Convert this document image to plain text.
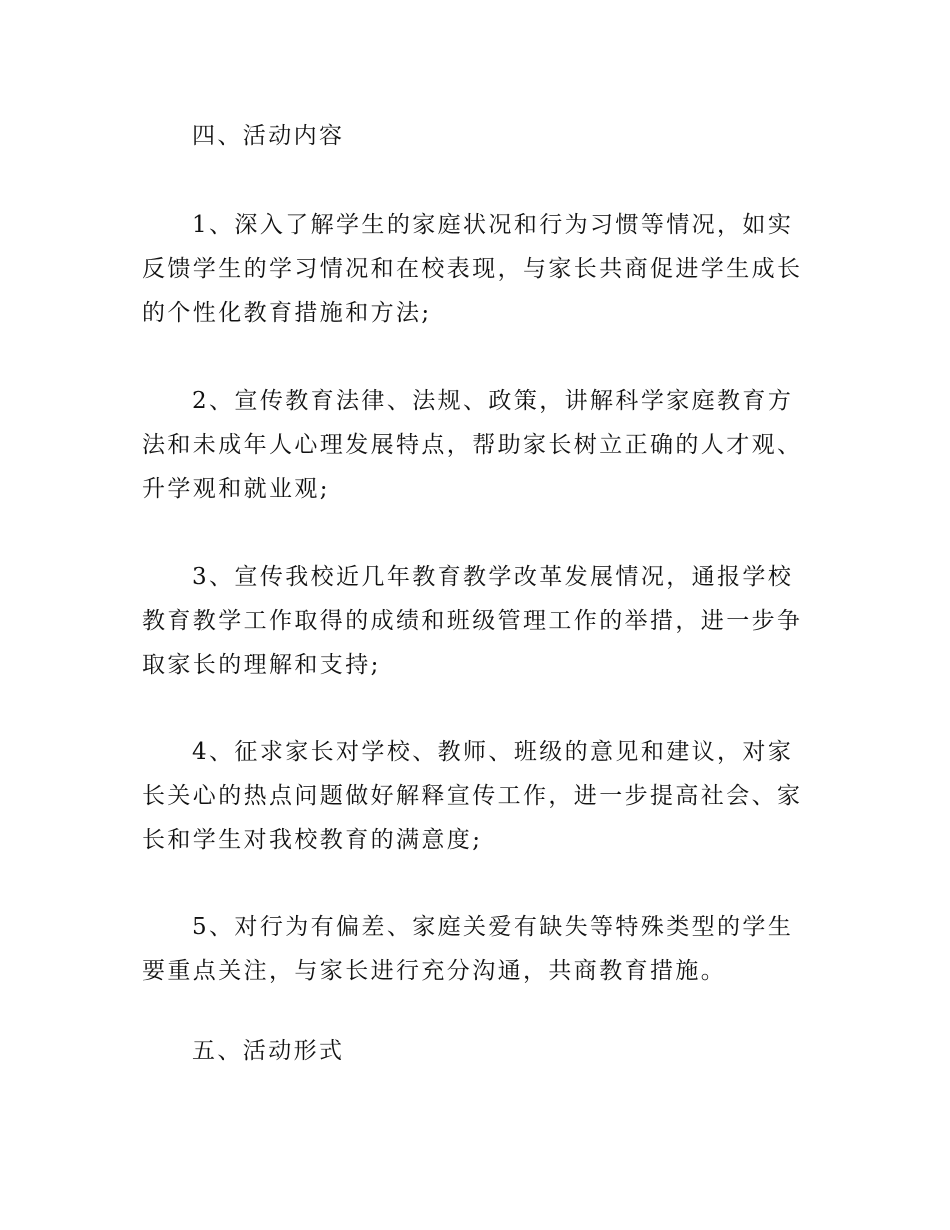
四、活动内容

1、深入了解学生的家庭状况和行为习惯等情况，如实反馈学生的学习情况和在校表现，与家长共商促进学生成长的个性化教育措施和方法;

2、宣传教育法律、法规、政策，讲解科学家庭教育方法和未成年人心理发展特点，帮助家长树立正确的人才观、升学观和就业观;

3、宣传我校近几年教育教学改革发展情况，通报学校教育教学工作取得的成绩和班级管理工作的举措，进一步争取家长的理解和支持;

4、征求家长对学校、教师、班级的意见和建议，对家长关心的热点问题做好解释宣传工作，进一步提高社会、家长和学生对我校教育的满意度;

5、对行为有偏差、家庭关爱有缺失等特殊类型的学生要重点关注，与家长进行充分沟通，共商教育措施。

五、活动形式
